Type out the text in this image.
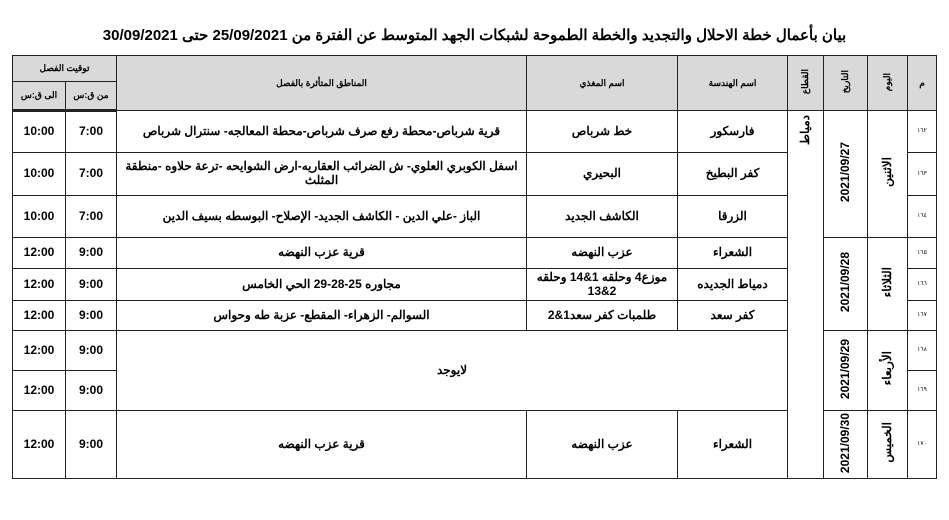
بيان بأعمال خطة الاحلال والتجديد والخطة الطموحة لشبكات الجهد المتوسط عن الفترة من 25/09/2021 حتى 30/09/2021
م	اليوم	التاريخ	القطاع	اسم الهندسة	اسم المغذي	المناطق المتأثرة بالفصل	توقيت الفصل	
							من ق:س	الى ق:س
١٦٢	الاثنين	2021/09/27	دمياط	فارسكور	خط شرباص	قرية شرباص-محطة رفع صرف شرباص-محطة المعالجه- سنترال شرباص	7:00	10:00
١٦٣				كفر البطيخ	البحيري	اسفل الكوبري العلوي- ش الضرائب العقاريه-ارض الشوايحه -ترعة حلاوه -منطقة المثلث	7:00	10:00
١٦٤				الزرقا	الكاشف الجديد	الباز -علي الدين - الكاشف الجديد- الإصلاح- البوسطه بسيف الدين	7:00	10:00
١٦٥	الثلاثاء	2021/09/28		الشعراء	عزب النهضه	قرية عزب النهضه	9:00	12:00
١٦٦				دمياط الجديده	موزع4 وحلقه 1&14 وحلقه 2&13	مجاوره 25-28-29 الحي الخامس	9:00	12:00
١٦٧				كفر سعد	طلمبات كفر سعد1&2	السوالم- الزهراء- المقطع- عزبة طه وحواس	9:00	12:00
١٦٨	الأربعاء	2021/09/29		لايوجد			9:00	12:00
١٦٩							9:00	12:00
١٧٠	الخميس	2021/09/30		الشعراء	عزب النهضه	قرية عزب النهضه	9:00	12:00
